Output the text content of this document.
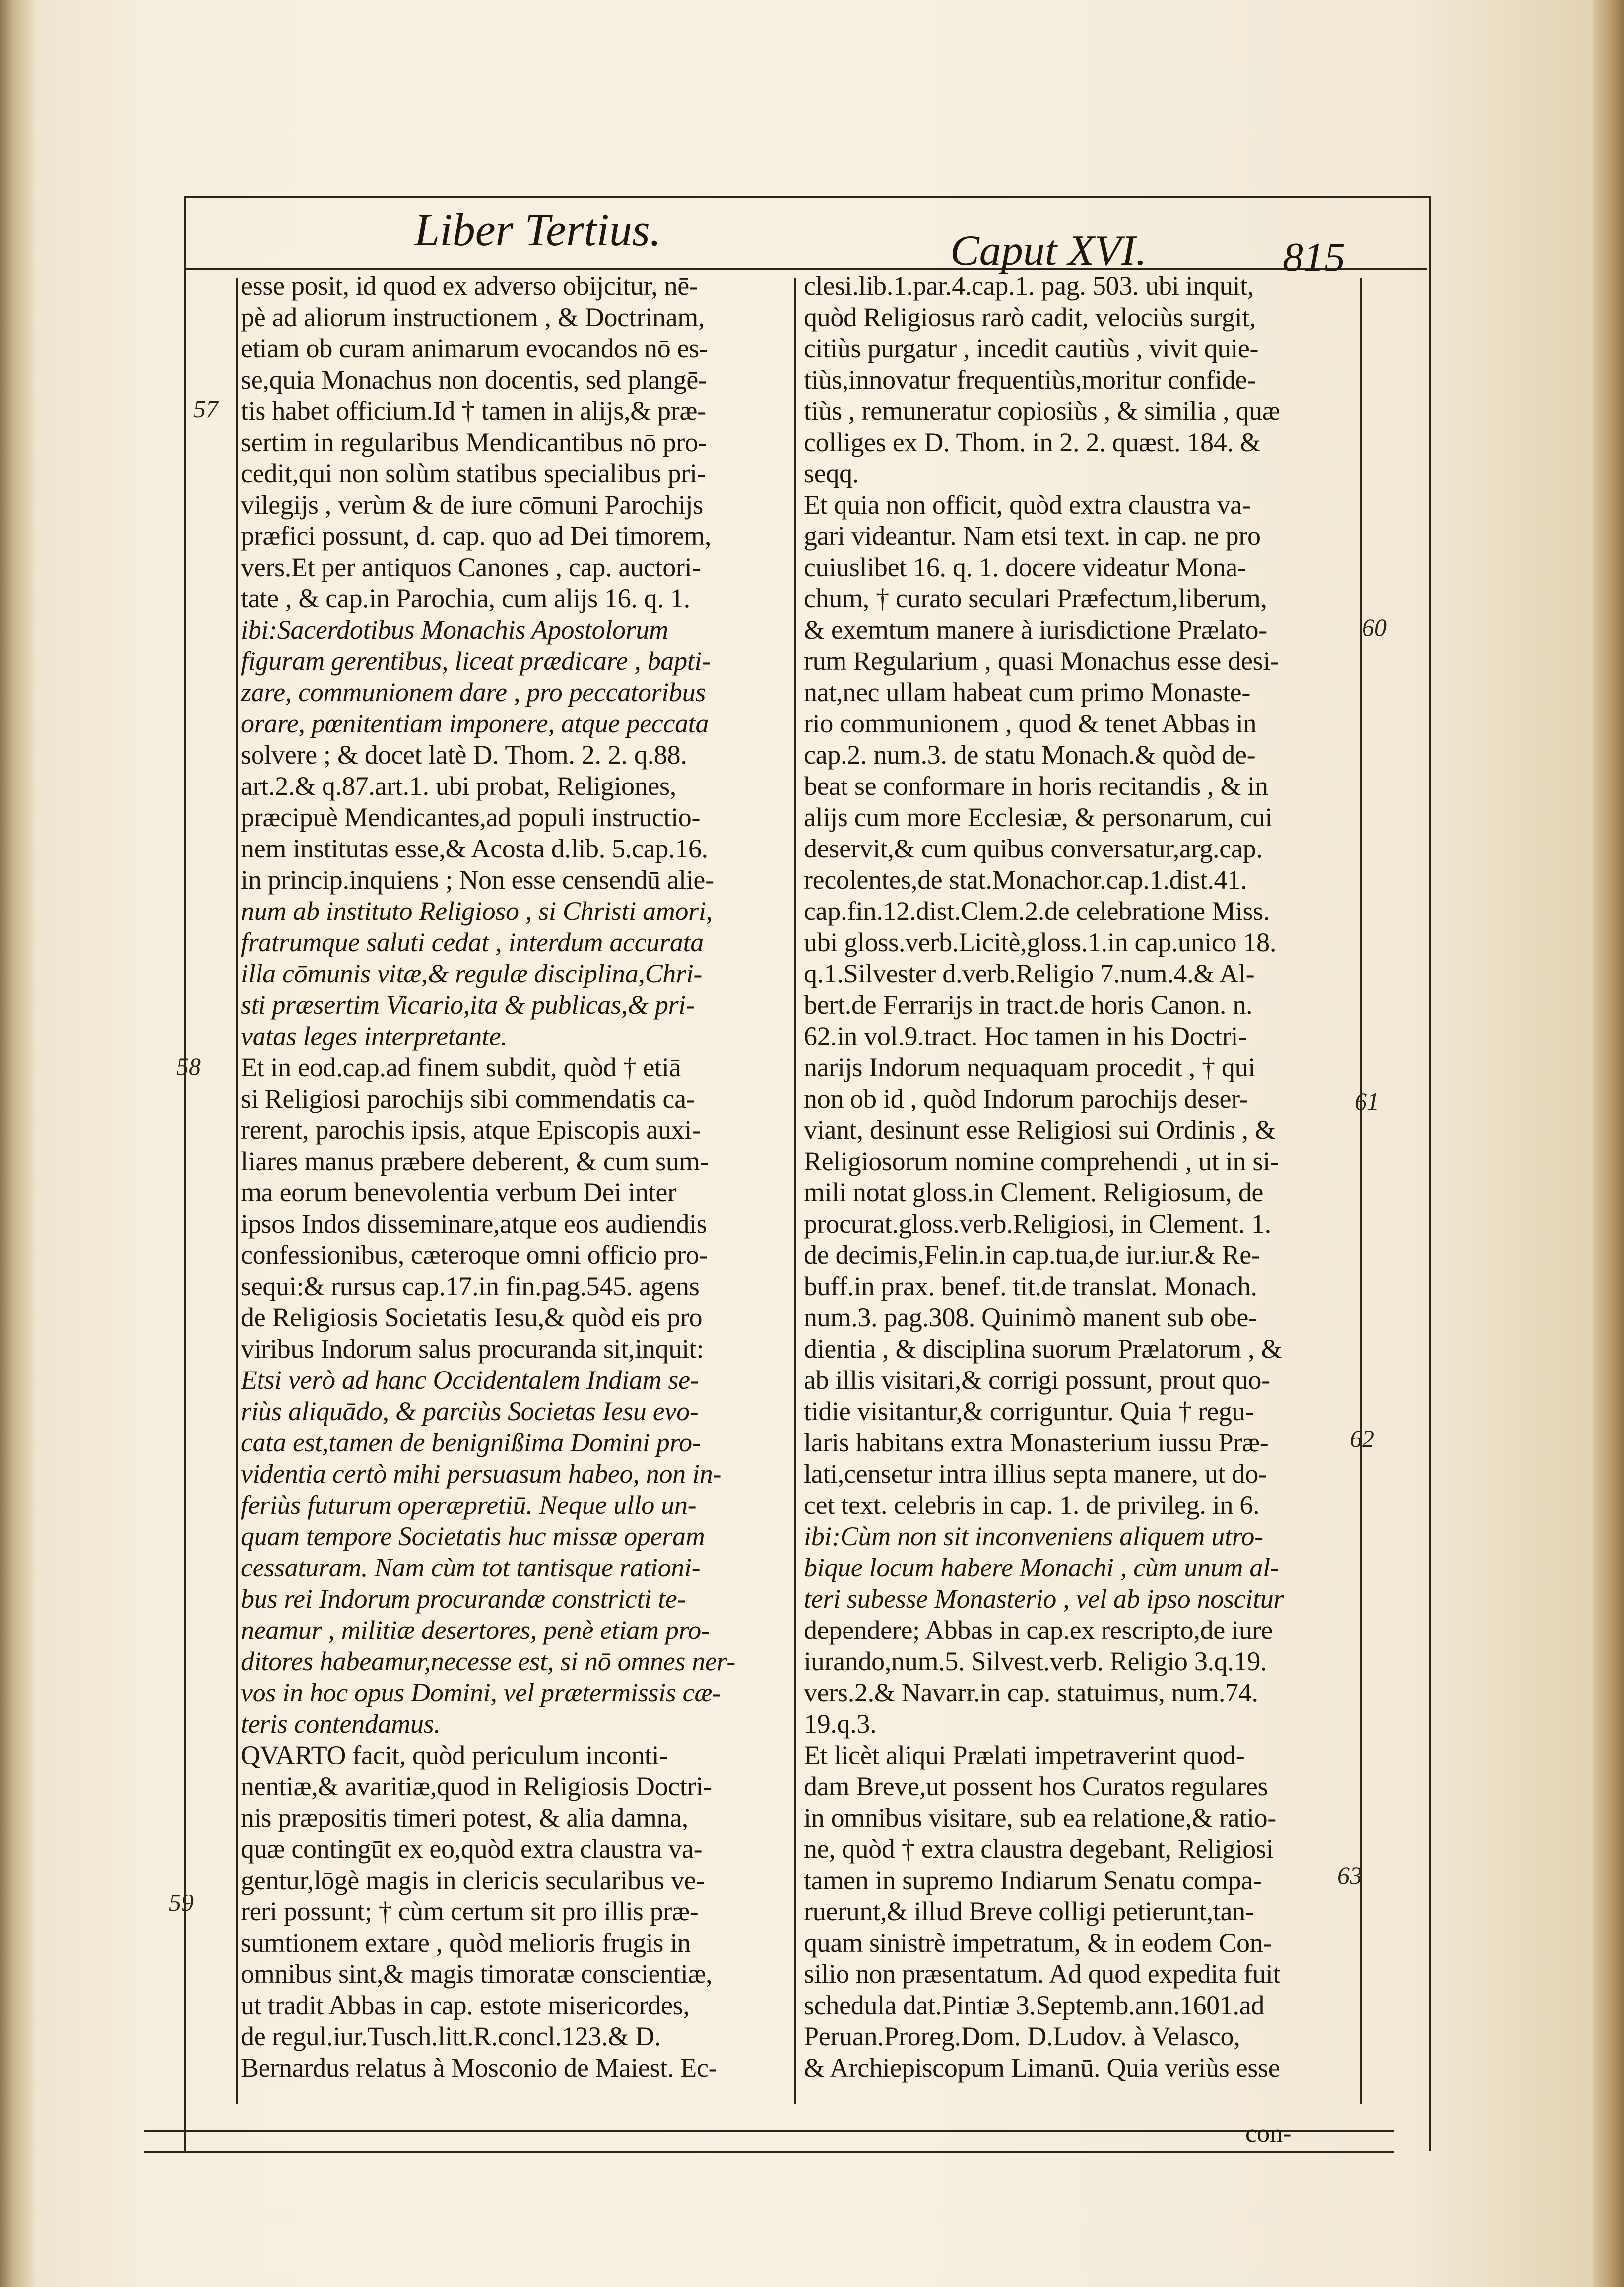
Liber Tertius.	Caput XVI.	815
esse posit, id quod ex adverso obijcitur, nē-
pè ad aliorum instructionem , & Doctrinam,
etiam ob curam animarum evocandos nō es-
se,quia Monachus non docentis, sed plangē-
tis habet officium.Id † tamen in alijs,& præ-
sertim in regularibus Mendicantibus nō pro-
cedit,qui non solùm statibus specialibus pri-
vilegijs , verùm & de iure cōmuni Parochijs
præfici possunt, d. cap. quo ad Dei timorem,
vers.Et per antiquos Canones , cap. auctori-
tate , & cap.in Parochia, cum alijs 16. q. 1.
ibi:Sacerdotibus Monachis Apostolorum
figuram gerentibus, liceat prædicare , bapti-
zare, communionem dare , pro peccatoribus
orare, pœnitentiam imponere, atque peccata
solvere ; & docet latè D. Thom. 2. 2. q.88.
art.2.& q.87.art.1. ubi probat, Religiones,
præcipuè Mendicantes,ad populi instructio-
nem institutas esse,& Acosta d.lib. 5.cap.16.
in princip.inquiens ; Non esse censendū alie-
num ab instituto Religioso , si Christi amori,
fratrumque saluti cedat , interdum accurata
illa cōmunis vitæ,& regulæ disciplina,Chri-
sti præsertim Vicario,ita & publicas,& pri-
vatas leges interpretante.
Et in eod.cap.ad finem subdit, quòd † etiā
si Religiosi parochijs sibi commendatis ca-
rerent, parochis ipsis, atque Episcopis auxi-
liares manus præbere deberent, & cum sum-
ma eorum benevolentia verbum Dei inter
ipsos Indos disseminare,atque eos audiendis
confessionibus, cæteroque omni officio pro-
sequi:& rursus cap.17.in fin.pag.545. agens
de Religiosis Societatis Iesu,& quòd eis pro
viribus Indorum salus procuranda sit,inquit:
Etsi verò ad hanc Occidentalem Indiam se-
riùs aliquādo, & parciùs Societas Iesu evo-
cata est,tamen de benignißima Domini pro-
videntia certò mihi persuasum habeo, non in-
feriùs futurum operæpretiū. Neque ullo un-
quam tempore Societatis huc missæ operam
cessaturam. Nam cùm tot tantisque rationi-
bus rei Indorum procurandæ constricti te-
neamur , militiæ desertores, penè etiam pro-
ditores habeamur,necesse est, si nō omnes ner-
vos in hoc opus Domini, vel prætermissis cæ-
teris contendamus.
QVARTO facit, quòd periculum inconti-
nentiæ,& avaritiæ,quod in Religiosis Doctri-
nis præpositis timeri potest, & alia damna,
quæ contingūt ex eo,quòd extra claustra va-
gentur,lōgè magis in clericis secularibus ve-
reri possunt; † cùm certum sit pro illis præ-
sumtionem extare , quòd melioris frugis in
omnibus sint,& magis timoratæ conscientiæ,
ut tradit Abbas in cap. estote misericordes,
de regul.iur.Tusch.litt.R.concl.123.& D.
Bernardus relatus à Mosconio de Maiest. Ec-
clesi.lib.1.par.4.cap.1. pag. 503. ubi inquit,
quòd Religiosus rarò cadit, velociùs surgit,
citiùs purgatur , incedit cautiùs , vivit quie-
tiùs,innovatur frequentiùs,moritur confide-
tiùs , remuneratur copiosiùs , & similia , quæ
colliges ex D. Thom. in 2. 2. quæst. 184. &
seqq.
Et quia non officit, quòd extra claustra va-
gari videantur. Nam etsi text. in cap. ne pro
cuiuslibet 16. q. 1. docere videatur Mona-
chum, † curato seculari Præfectum,liberum,
& exemtum manere à iurisdictione Prælato-
rum Regularium , quasi Monachus esse desi-
nat,nec ullam habeat cum primo Monaste-
rio communionem , quod & tenet Abbas in
cap.2. num.3. de statu Monach.& quòd de-
beat se conformare in horis recitandis , & in
alijs cum more Ecclesiæ, & personarum, cui
deservit,& cum quibus conversatur,arg.cap.
recolentes,de stat.Monachor.cap.1.dist.41.
cap.fin.12.dist.Clem.2.de celebratione Miss.
ubi gloss.verb.Licitè,gloss.1.in cap.unico 18.
q.1.Silvester d.verb.Religio 7.num.4.& Al-
bert.de Ferrarijs in tract.de horis Canon. n.
62.in vol.9.tract. Hoc tamen in his Doctri-
narijs Indorum nequaquam procedit , † qui
non ob id , quòd Indorum parochijs deser-
viant, desinunt esse Religiosi sui Ordinis , &
Religiosorum nomine comprehendi , ut in si-
mili notat gloss.in Clement. Religiosum, de
procurat.gloss.verb.Religiosi, in Clement. 1.
de decimis,Felin.in cap.tua,de iur.iur.& Re-
buff.in prax. benef. tit.de translat. Monach.
num.3. pag.308. Quinimò manent sub obe-
dientia , & disciplina suorum Prælatorum , &
ab illis visitari,& corrigi possunt, prout quo-
tidie visitantur,& corriguntur. Quia † regu-
laris habitans extra Monasterium iussu Præ-
lati,censetur intra illius septa manere, ut do-
cet text. celebris in cap. 1. de privileg. in 6.
ibi:Cùm non sit inconveniens aliquem utro-
bique locum habere Monachi , cùm unum al-
teri subesse Monasterio , vel ab ipso noscitur
dependere; Abbas in cap.ex rescripto,de iure
iurando,num.5. Silvest.verb. Religio 3.q.19.
vers.2.& Navarr.in cap. statuimus, num.74.
19.q.3.
Et licèt aliqui Prælati impetraverint quod-
dam Breve,ut possent hos Curatos regulares
in omnibus visitare, sub ea relatione,& ratio-
ne, quòd † extra claustra degebant, Religiosi
tamen in supremo Indiarum Senatu compa-
ruerunt,& illud Breve colligi petierunt,tan-
quam sinistrè impetratum, & in eodem Con-
silio non præsentatum. Ad quod expedita fuit
schedula dat.Pintiæ 3.Septemb.ann.1601.ad
Peruan.Proreg.Dom. D.Ludov. à Velasco,
& Archiepiscopum Limanū. Quia veriùs esse
57
58
59
60
61
62
63
con-
